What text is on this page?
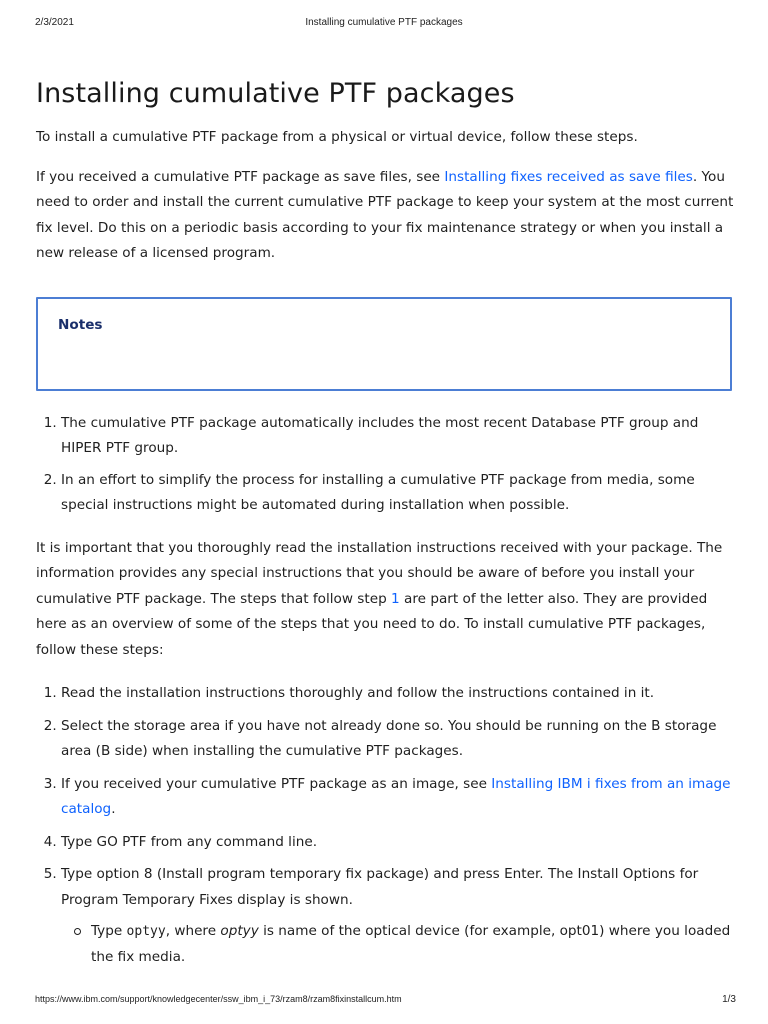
2/3/2021	Installing cumulative PTF packages
Installing cumulative PTF packages

To install a cumulative PTF package from a physical or virtual device, follow these steps.

If you received a cumulative PTF package as save files, see Installing fixes received as save files. You need to order and install the current cumulative PTF package to keep your system at the most current fix level. Do this on a periodic basis according to your fix maintenance strategy or when you install a new release of a licensed program.

Notes
1. The cumulative PTF package automatically includes the most recent Database PTF group and HIPER PTF group.
2. In an effort to simplify the process for installing a cumulative PTF package from media, some special instructions might be automated during installation when possible.

It is important that you thoroughly read the installation instructions received with your package. The information provides any special instructions that you should be aware of before you install your cumulative PTF package. The steps that follow step 1 are part of the letter also. They are provided here as an overview of some of the steps that you need to do. To install cumulative PTF packages, follow these steps:

1. Read the installation instructions thoroughly and follow the instructions contained in it.
2. Select the storage area if you have not already done so. You should be running on the B storage area (B side) when installing the cumulative PTF packages.
3. If you received your cumulative PTF package as an image, see Installing IBM i fixes from an image catalog.
4. Type GO PTF from any command line.
5. Type option 8 (Install program temporary fix package) and press Enter. The Install Options for Program Temporary Fixes display is shown.
Type optyy, where optyy is name of the optical device (for example, opt01) where you loaded the fix media.
https://www.ibm.com/support/knowledgecenter/ssw_ibm_i_73/rzam8/rzam8fixinstallcum.htm	1/3
